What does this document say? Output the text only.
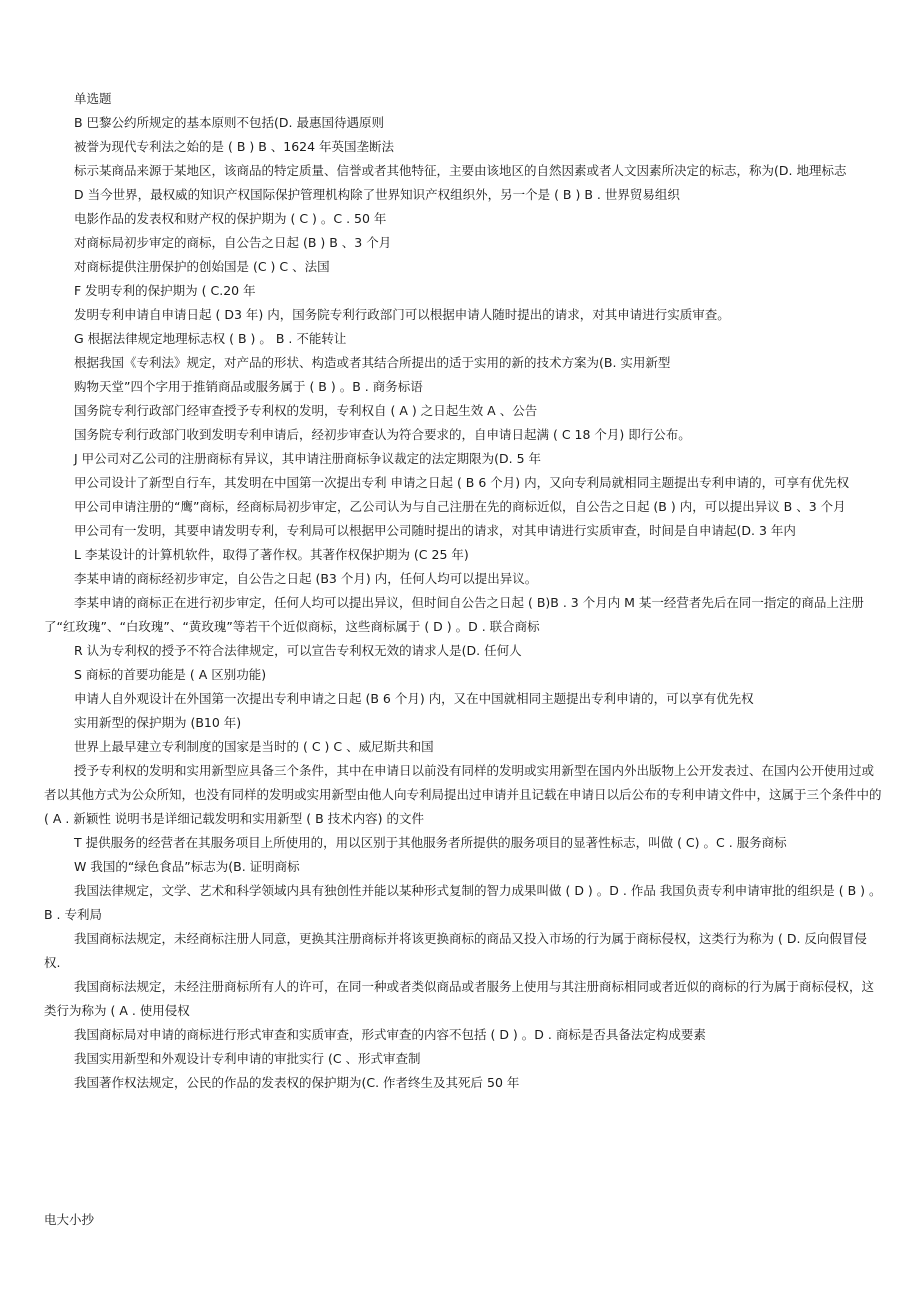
单选题

B 巴黎公约所规定的基本原则不包括(D. 最惠国待遇原则

被誉为现代专利法之始的是 ( B ) B 、1624 年英国垄断法

标示某商品来源于某地区，该商品的特定质量、信誉或者其他特征，主要由该地区的自然因素或者人文因素所决定的标志，称为(D. 地理标志

D 当今世界，最权威的知识产权国际保护管理机构除了世界知识产权组织外，另一个是 ( B ) B . 世界贸易组织

电影作品的发表权和财产权的保护期为 ( C ) 。C . 50 年

对商标局初步审定的商标，自公告之日起 (B ) B 、3 个月

对商标提供注册保护的创始国是 (C ) C 、法国

F 发明专利的保护期为 ( C.20 年

发明专利申请自申请日起 ( D3 年) 内，国务院专利行政部门可以根据申请人随时提出的请求，对其申请进行实质审查。

G 根据法律规定地理标志权 ( B ) 。 B . 不能转让

根据我国《专利法》规定，对产品的形状、构造或者其结合所提出的适于实用的新的技术方案为(B. 实用新型

购物天堂”四个字用于推销商品或服务属于 ( B ) 。B . 商务标语

国务院专利行政部门经审查授予专利权的发明，专利权自 ( A ) 之日起生效 A 、公告

国务院专利行政部门收到发明专利申请后，经初步审查认为符合要求的，自申请日起满 ( C 18 个月) 即行公布。

J 甲公司对乙公司的注册商标有异议，其申请注册商标争议裁定的法定期限为(D. 5 年

甲公司设计了新型自行车，其发明在中国第一次提出专利 申请之日起 ( B 6 个月) 内，又向专利局就相同主题提出专利申请的，可享有优先权

甲公司申请注册的“鹰”商标，经商标局初步审定，乙公司认为与自己注册在先的商标近似，自公告之日起 (B ) 内，可以提出异议 B 、3 个月

甲公司有一发明，其要申请发明专利，专利局可以根据甲公司随时提出的请求，对其申请进行实质审查，时间是自申请起(D. 3 年内

L 李某设计的计算机软件，取得了著作权。其著作权保护期为 (C 25 年)

李某申请的商标经初步审定，自公告之日起 (B3 个月) 内，任何人均可以提出异议。

李某申请的商标正在进行初步审定，任何人均可以提出异议，但时间自公告之日起 ( B)B . 3 个月内 M 某一经营者先后在同一指定的商品上注册了“红玫瑰”、“白玫瑰”、“黄玫瑰”等若干个近似商标，这些商标属于 ( D ) 。D . 联合商标

R 认为专利权的授予不符合法律规定，可以宣告专利权无效的请求人是(D. 任何人

S 商标的首要功能是 ( A 区别功能)

申请人自外观设计在外国第一次提出专利申请之日起 (B 6 个月) 内，又在中国就相同主题提出专利申请的，可以享有优先权

实用新型的保护期为 (B10 年)

世界上最早建立专利制度的国家是当时的 ( C ) C 、威尼斯共和国

授予专利权的发明和实用新型应具备三个条件，其中在申请日以前没有同样的发明或实用新型在国内外出版物上公开发表过、在国内公开使用过或者以其他方式为公众所知，也没有同样的发明或实用新型由他人向专利局提出过申请并且记载在申请日以后公布的专利申请文件中，这属于三个条件中的 ( A . 新颖性 说明书是详细记载发明和实用新型 ( B 技术内容) 的文件

T 提供服务的经营者在其服务项目上所使用的，用以区别于其他服务者所提供的服务项目的显著性标志，叫做 ( C) 。C . 服务商标

W 我国的“绿色食品”标志为(B. 证明商标

我国法律规定，文学、艺术和科学领域内具有独创性并能以某种形式复制的智力成果叫做 ( D ) 。D . 作品 我国负责专利申请审批的组织是 ( B ) 。B . 专利局

我国商标法规定，未经商标注册人同意，更换其注册商标并将该更换商标的商品又投入市场的行为属于商标侵权，这类行为称为 ( D. 反向假冒侵权.

我国商标法规定，未经注册商标所有人的许可，在同一种或者类似商品或者服务上使用与其注册商标相同或者近似的商标的行为属于商标侵权，这类行为称为 ( A . 使用侵权

我国商标局对申请的商标进行形式审查和实质审查，形式审查的内容不包括 ( D ) 。D . 商标是否具备法定构成要素

我国实用新型和外观设计专利申请的审批实行 (C 、形式审查制

我国著作权法规定，公民的作品的发表权的保护期为(C. 作者终生及其死后 50 年

电大小抄
